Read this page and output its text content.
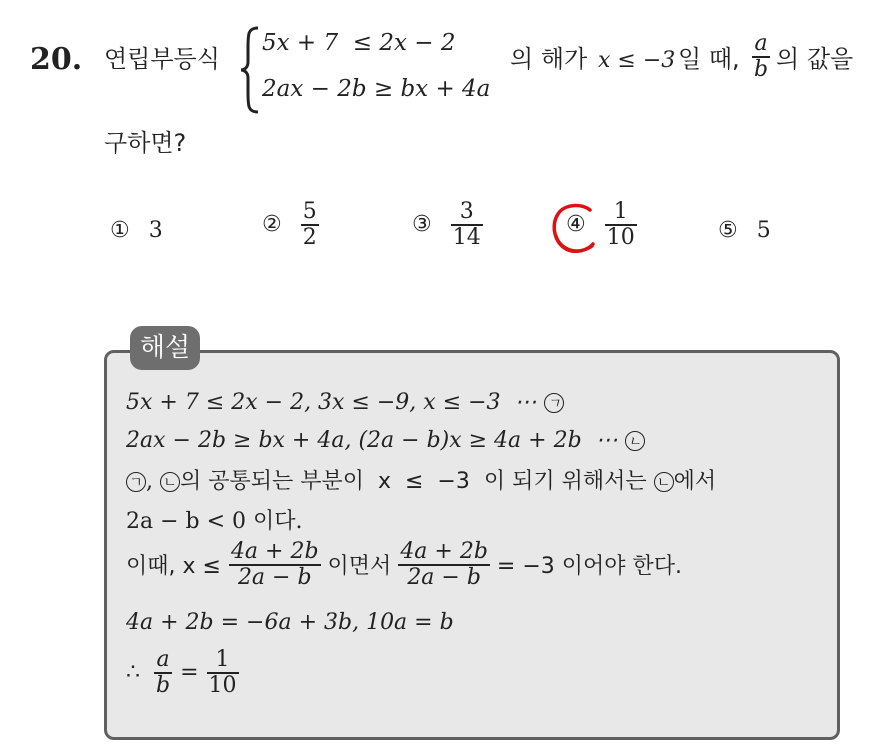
20. 연립부등식
5x + 7  ≤ 2x − 2
2ax − 2b ≥ bx + 4a
의 해가 x ≤ −3 일 때, $\frac{a}{b}$ 의 값을
구하면?
① 3	② $\frac{5}{2}$	③ $\frac{3}{14}$	④ $\frac{1}{10}$	⑤ 5
해설
5x + 7 ≤ 2x − 2, 3x ≤ −9, x ≤ −3  ⋯ ㄱ
2ax − 2b ≥ bx + 4a, (2a − b)x ≥ 4a + 2b  ⋯ ㄴ
ㄱ , ㄴ 의 공통되는 부분이  x  ≤  −3  이 되기 위해서는 ㄴ 에서
2a − b < 0 이다.
이때, $x \le \frac{4a + 2b}{2a - b}$ 이면서 $\frac{4a + 2b}{2a - b} = -3$ 이어야 한다.
4a + 2b = −6a + 3b, 10a = b
∴ $\frac{a}{b} = \frac{1}{10}$
